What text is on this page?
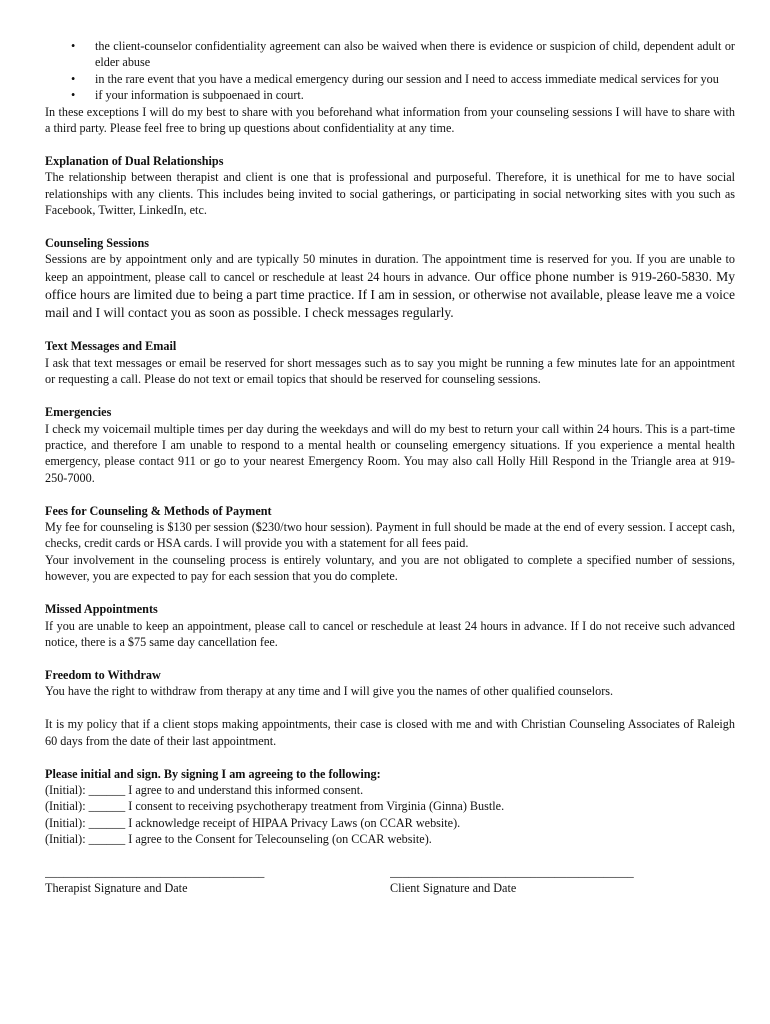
• the client-counselor confidentiality agreement can also be waived when there is evidence or suspicion of child, dependent adult or elder abuse
• in the rare event that you have a medical emergency during our session and I need to access immediate medical services for you
• if your information is subpoenaed in court.

In these exceptions I will do my best to share with you beforehand what information from your counseling sessions I will have to share with a third party. Please feel free to bring up questions about confidentiality at any time.

Explanation of Dual Relationships

The relationship between therapist and client is one that is professional and purposeful. Therefore, it is unethical for me to have social relationships with any clients. This includes being invited to social gatherings, or participating in social networking sites with you such as Facebook, Twitter, LinkedIn, etc.

Counseling Sessions

Sessions are by appointment only and are typically 50 minutes in duration. The appointment time is reserved for you. If you are unable to keep an appointment, please call to cancel or reschedule at least 24 hours in advance. Our office phone number is 919-260-5830. My office hours are limited due to being a part time practice. If I am in session, or otherwise not available, please leave me a voice mail and I will contact you as soon as possible. I check messages regularly.

Text Messages and Email

I ask that text messages or email be reserved for short messages such as to say you might be running a few minutes late for an appointment or requesting a call. Please do not text or email topics that should be reserved for counseling sessions.

Emergencies

I check my voicemail multiple times per day during the weekdays and will do my best to return your call within 24 hours. This is a part-time practice, and therefore I am unable to respond to a mental health or counseling emergency situations. If you experience a mental health emergency, please contact 911 or go to your nearest Emergency Room. You may also call Holly Hill Respond in the Triangle area at 919-250-7000.

Fees for Counseling & Methods of Payment

My fee for counseling is $130 per session ($230/two hour session). Payment in full should be made at the end of every session. I accept cash, checks, credit cards or HSA cards. I will provide you with a statement for all fees paid.

Your involvement in the counseling process is entirely voluntary, and you are not obligated to complete a specified number of sessions, however, you are expected to pay for each session that you do complete.

Missed Appointments

If you are unable to keep an appointment, please call to cancel or reschedule at least 24 hours in advance. If I do not receive such advanced notice, there is a $75 same day cancellation fee.

Freedom to Withdraw

You have the right to withdraw from therapy at any time and I will give you the names of other qualified counselors.

It is my policy that if a client stops making appointments, their case is closed with me and with Christian Counseling Associates of Raleigh 60 days from the date of their last appointment.

Please initial and sign. By signing I am agreeing to the following:
(Initial): ______ I agree to and understand this informed consent.
(Initial): ______ I consent to receiving psychotherapy treatment from Virginia (Ginna) Bustle.
(Initial): ______ I acknowledge receipt of HIPAA Privacy Laws (on CCAR website).
(Initial): ______ I agree to the Consent for Telecounseling (on CCAR website).
____________________________________
Therapist Signature and Date
________________________________________
Client Signature and Date
